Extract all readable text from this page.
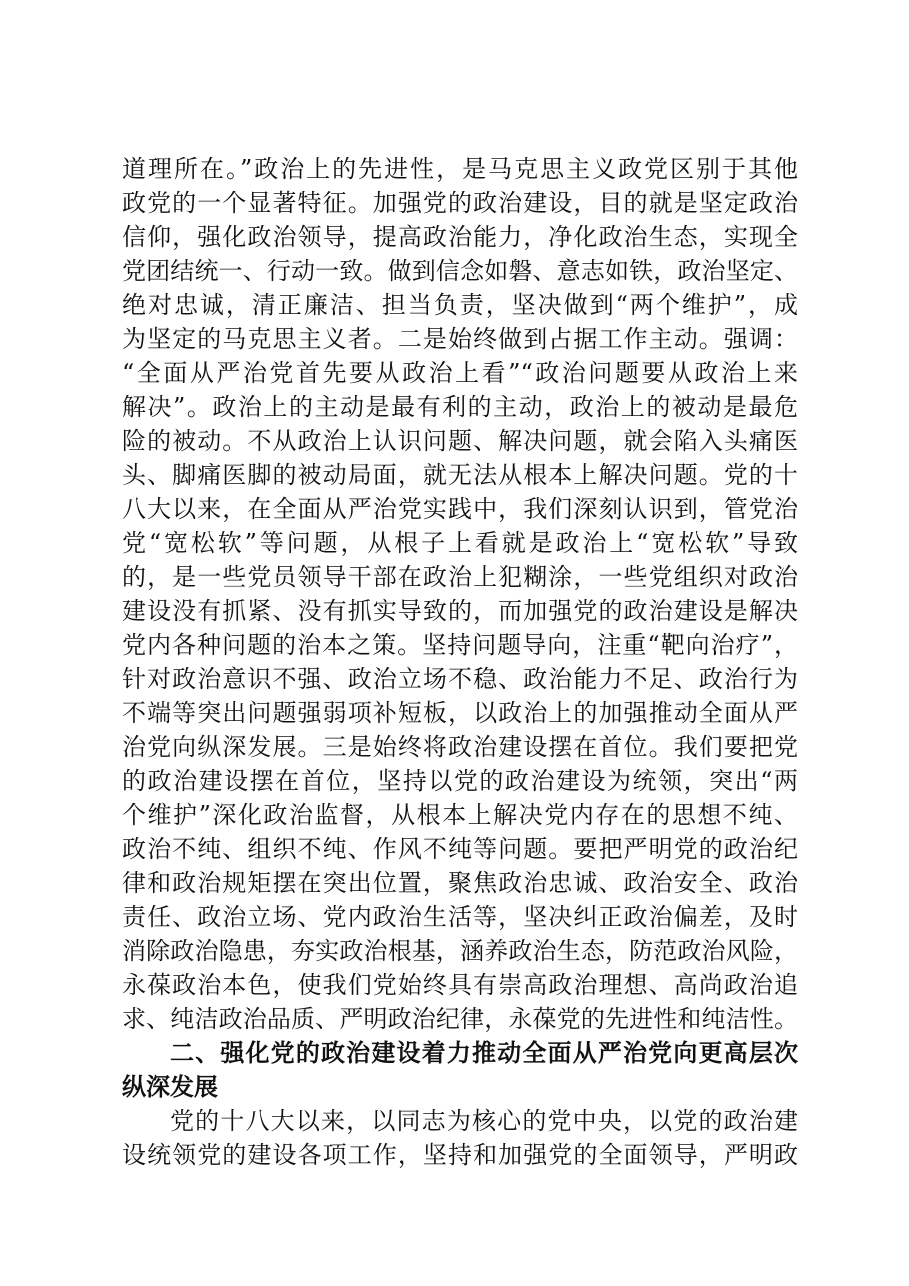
道理所在。”政治上的先进性，是马克思主义政党区别于其他
政党的一个显著特征。加强党的政治建设，目的就是坚定政治
信仰，强化政治领导，提高政治能力，净化政治生态，实现全
党团结统一、行动一致。做到信念如磐、意志如铁，政治坚定、
绝对忠诚，清正廉洁、担当负责，坚决做到“两个维护”，成
为坚定的马克思主义者。二是始终做到占据工作主动。强调：
“全面从严治党首先要从政治上看”“政治问题要从政治上来
解决”。政治上的主动是最有利的主动，政治上的被动是最危
险的被动。不从政治上认识问题、解决问题，就会陷入头痛医
头、脚痛医脚的被动局面，就无法从根本上解决问题。党的十
八大以来，在全面从严治党实践中，我们深刻认识到，管党治
党“宽松软”等问题，从根子上看就是政治上“宽松软”导致
的，是一些党员领导干部在政治上犯糊涂，一些党组织对政治
建设没有抓紧、没有抓实导致的，而加强党的政治建设是解决
党内各种问题的治本之策。坚持问题导向，注重“靶向治疗”，
针对政治意识不强、政治立场不稳、政治能力不足、政治行为
不端等突出问题强弱项补短板，以政治上的加强推动全面从严
治党向纵深发展。三是始终将政治建设摆在首位。我们要把党
的政治建设摆在首位，坚持以党的政治建设为统领，突出“两
个维护”深化政治监督，从根本上解决党内存在的思想不纯、
政治不纯、组织不纯、作风不纯等问题。要把严明党的政治纪
律和政治规矩摆在突出位置，聚焦政治忠诚、政治安全、政治
责任、政治立场、党内政治生活等，坚决纠正政治偏差，及时
消除政治隐患，夯实政治根基，涵养政治生态，防范政治风险，
永葆政治本色，使我们党始终具有崇高政治理想、高尚政治追
求、纯洁政治品质、严明政治纪律，永葆党的先进性和纯洁性。
二、强化党的政治建设着力推动全面从严治党向更高层次
纵深发展
党的十八大以来，以同志为核心的党中央，以党的政治建
设统领党的建设各项工作，坚持和加强党的全面领导，严明政
